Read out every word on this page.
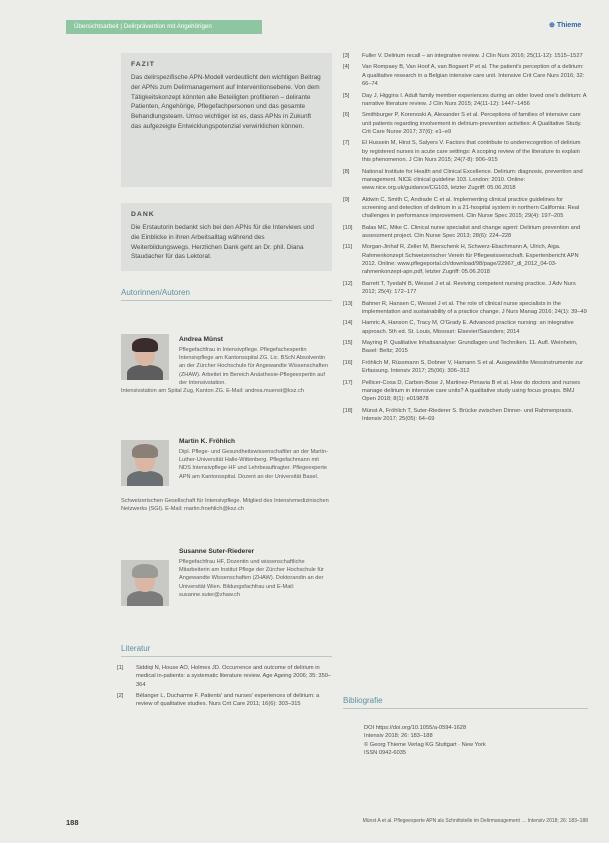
Übersichtsarbeit | Delirprävention mit Angehörigen	⊕ Thieme
FAZIT

Das delirspezifische APN-Modell verdeutlicht den wichtigen Beitrag der APNs zum Delirmanagement auf Interventionsebene. Von dem Tätigkeitskonzept könnten alle Beteiligten profitieren – delirante Patienten, Angehörige, Pflegefachpersonen und das gesamte Behandlungsteam. Umso wichtiger ist es, dass APNs in Zukunft das aufgezeigte Entwicklungspotenzial verwirklichen können.

DANK

Die Erstautorin bedankt sich bei den APNs für die Interviews und die Einblicke in ihren Arbeitsalltag während des Weiterbildungswegs. Herzlichen Dank geht an Dr. phil. Diana Staudacher für das Lektorat.

Autorinnen/Autoren
Andrea Münst
Pflegefachfrau in Intensivpflege. Pflegefachexpertin Intensivpflege am Kantonsspital ZG. Lic. BScN Absolventin an der Zürcher Hochschule für Angewandte Wissenschaften (ZHAW). Arbeitet im Bereich Anästhesie-Pflegeexpertin auf der Intensivstation.
Intensivstation am Spital Zug, Kanton ZG. E-Mail: andrea.muenst@ksz.ch
Martin K. Fröhlich
Dipl. Pflege- und Gesundheitswissenschaftler an der Martin-Luther-Universität Halle-Wittenberg. Pflegefachmann mit NDS Intensivpflege HF und Lehrbeauftragter. Pflegeexperte APN am Kantonsspital. Dozent an der Universität Basel.
Schweizerischen Gesellschaft für Intensivpflege. Mitglied des Intensivmedizinischen Netzwerks (SGI). E-Mail: martin.froehlich@ksz.ch
Susanne Suter-Riederer
Pflegefachfrau HF, Dozentin und wissenschaftliche Mitarbeiterin am Institut Pflege der Zürcher Hochschule für Angewandte Wissenschaften (ZHAW). Doktorandin an der Universität Wien. Bildungsfachfrau und E-Mail: susanne.suter@zhaw.ch
Literatur
[1] Siddiqi N, House AO, Holmes JD. Occurrence and outcome of delirium in medical in-patients: a systematic literature review. Age Ageing 2006; 35: 350–364
[2] Bélanger L, Ducharme F. Patients' and nurses' experiences of delirium: a review of qualitative studies. Nurs Crit Care 2011; 16(6): 303–315
[3] Fuller V. Delirium recall – an integrative review. J Clin Nurs 2016; 25(11-12): 1515–1527
[4] Van Rompaey B, Van Hoof A, van Bogaert P et al. The patient's perception of a delirium: A qualitative research in a Belgian intensive care unit. Intensive Crit Care Nurs 2016; 32: 66–74
[5] Day J, Higgins I. Adult family member experiences during an older loved one's delirium: A narrative literature review. J Clin Nurs 2015; 24(11-12): 1447–1456
[6] Smithburger P, Korenoski A, Alexander S et al. Perceptions of families of intensive care unit patients regarding involvement in delirium-prevention activities: A Qualitative Study. Crit Care Nurse 2017; 37(6): e1–e9
[7] El Hussein M, Hirst S, Salyers V. Factors that contribute to underrecognition of delirium by registered nurses in acute care settings: A scoping review of the literature to explain this phenomenon. J Clin Nurs 2015; 24(7-8): 906–915
[8] National Institute for Health and Clinical Excellence. Delirium: diagnosis, prevention and management. NICE clinical guideline 103. London: 2010. Online: www.nice.org.uk/guidance/CG103, letzter Zugriff: 05.06.2018
[9] Aldwin C, Smith C, Andrade C et al. Implementing clinical practice guidelines for screening and detection of delirium in a 21-hospital system in northern California: Real challenges in performance improvement. Clin Nurse Spec 2015; 29(4): 197–205
[10] Balas MC, Mike C. Clinical nurse specialist and change agent: Delirium prevention and assessment project. Clin Nurse Spec 2013; 28(6): 224–228
[11] Morgan-Jinhaf R, Zeller M, Bierschenk H, Schwerz-Ebachmann A, Ulrich, Aiga. Rahmenkonzept Schweizerischer Verein für Pflegewissenschaft. Expertenbericht APN 2012. Online: www.pflegeportal.ch/download/98/page/22967_dl_2012_04-03-rahmenkonzept-apn.pdf, letzter Zugriff: 05.06.2018
[12] Barrett T, Tyedahl B, Wessel J et al. Reviving competent nursing practice. J Adv Nurs 2012; 25(4): 172–177
[13] Bahner R, Hansen C, Wessel J et al. The role of clinical nurse specialists in the implementation and sustainability of a practice change. J Nurs Manag 2016; 24(1): 39–49
[14] Hamric A, Hanson C, Tracy M, O'Grady E. Advanced practice nursing: an integrative approach. 5th ed. St. Louis, Missouri: Elsevier/Saunders; 2014
[15] Mayring P. Qualitative Inhaltsanalyse: Grundlagen und Techniken. 11. Aufl. Weinheim, Basel: Beltz; 2015
[16] Fröhlich M, Rüssmann S, Dobner V, Hamann S et al. Ausgewählte Messinstrumente zur Erfassung. Intensiv 2017; 25(06): 306–312
[17] Pellicer-Cosa D, Carbon-Bose J, Martinez-Pirnavia B et al. How do doctors and nurses manage delirium in intensive care units? A qualitative study using focus groups. BMJ Open 2018; 8(1): e019878
[18] Münst A, Fröhlich T, Suter-Riederer S. Brücke zwischen Dinner- und Rahmenpraxis. Intensiv 2017; 25(05): 64–69
Bibliografie
DOI https://doi.org/10.1055/a-0594-1628
Intensiv 2018; 26: 183–188
© Georg Thieme Verlag KG Stuttgart · New York
ISSN 0942-6035
188	Münst A et al. Pflegeexperte APN als Schnittstelle im Delirmanagement … Intensiv 2018; 26: 183–188
